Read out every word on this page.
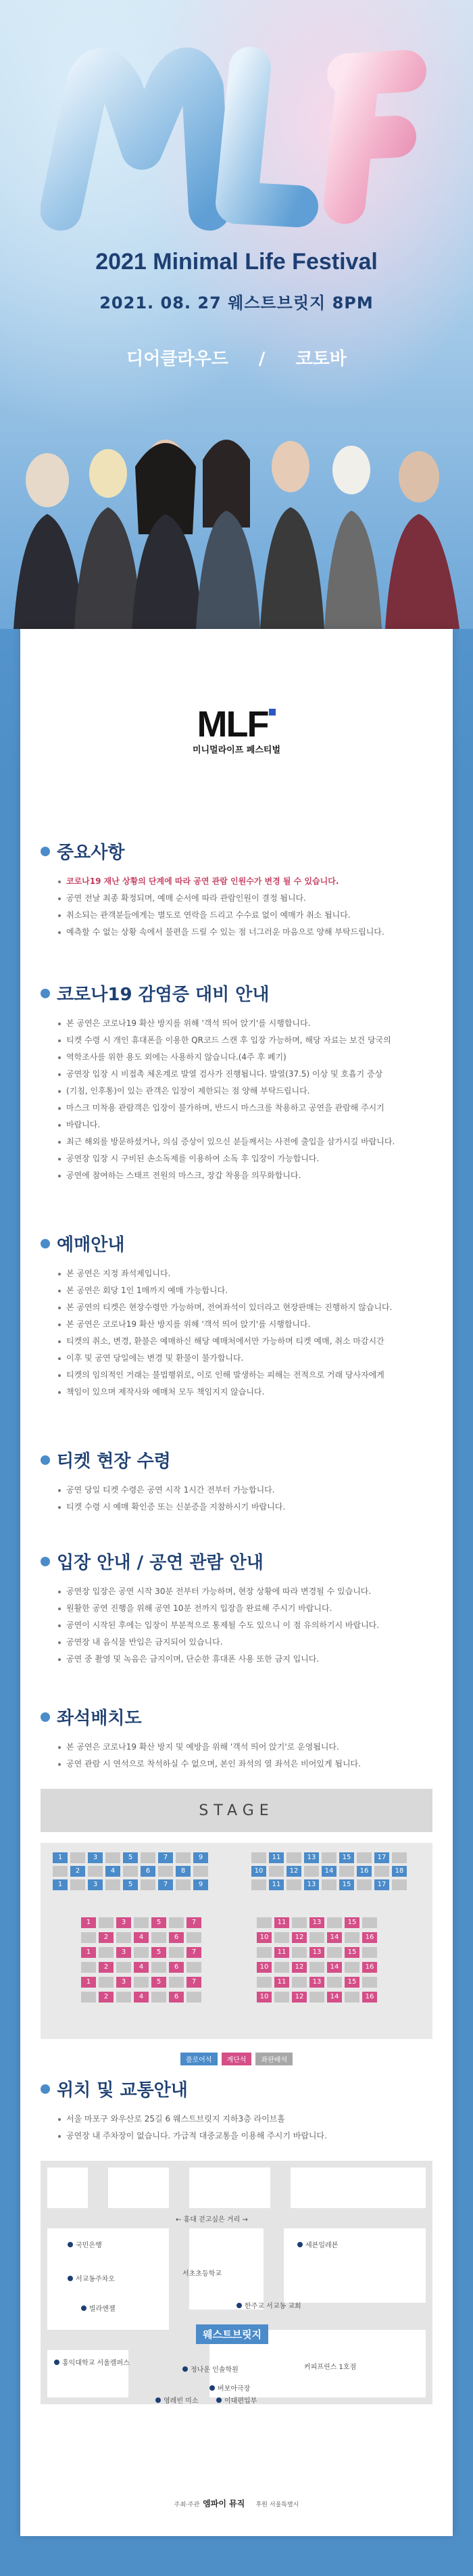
2021 Minimal Life Festival
2021. 08. 27 웨스트브릿지 8PM
디어클라우드 / 코토바
MLF
미니멀라이프 페스티벌
중요사항
코로나19 재난 상황의 단계에 따라 공연 관람 인원수가 변경 될 수 있습니다.
공연 전날 최종 확정되며, 예매 순서에 따라 관람인원이 결정 됩니다.
취소되는 관객분들에게는 별도로 연락을 드리고 수수료 없이 예매가 취소 됩니다.
예측할 수 없는 상황 속에서 불편을 드릴 수 있는 점 너그러운 마음으로 양해 부탁드립니다.
코로나19 감염증 대비 안내
본 공연은 코로나19 확산 방지를 위해 '객석 띄어 앉기'를 시행합니다.
티켓 수령 시 개인 휴대폰을 이용한 QR코드 스캔 후 입장 가능하며, 해당 자료는 보건 당국의
역학조사를 위한 용도 외에는 사용하지 않습니다.(4주 후 폐기)
공연장 입장 시 비접촉 체온계로 발열 검사가 진행됩니다. 발열(37.5) 이상 및 호흡기 증상
(기침, 인후통)이 있는 관객은 입장이 제한되는 점 양해 부탁드립니다.
마스크 미착용 관람객은 입장이 불가하며, 반드시 마스크를 착용하고 공연을 관람해 주시기
바랍니다.
최근 해외를 방문하셨거나, 의심 증상이 있으신 분들께서는 사전에 출입을 삼가시길 바랍니다.
공연장 입장 시 구비된 손소독제를 이용하여 소독 후 입장이 가능합니다.
공연에 참여하는 스태프 전원의 마스크, 장갑 착용을 의무화합니다.
예매안내
본 공연은 지정 좌석제입니다.
본 공연은 회당 1인 1매까지 예매 가능합니다.
본 공연의 티켓은 현장수령만 가능하며, 전여좌석이 있더라고 현장판매는 진행하지 않습니다.
본 공연은 코로나19 확산 방지를 위해 '객석 띄어 앉기'를 시행합니다.
티켓의 취소, 변경, 환불은 예매하신 해당 예매처에서만 가능하며 티켓 예매, 취소 마감시간
이후 및 공연 당일에는 변경 및 환불이 불가합니다.
티켓의 임의적인 거래는 불법행위로, 이로 인해 발생하는 피해는 전적으로 거래 당사자에게
책임이 있으며 제작사와 예매처 모두 책임지지 않습니다.
티켓 현장 수령
공연 당일 티켓 수령은 공연 시작 1시간 전부터 가능합니다.
티켓 수령 시 예매 확인증 또는 신분증을 지참하시기 바랍니다.
입장 안내 / 공연 관람 안내
공연장 입장은 공연 시작 30분 전부터 가능하며, 현장 상황에 따라 변경될 수 있습니다.
원활한 공연 진행을 위해 공연 10분 전까지 입장을 완료해 주시기 바랍니다.
공연이 시작된 후에는 입장이 부분적으로 통제될 수도 있으니 이 점 유의하기시 바랍니다.
공연장 내 음식물 반입은 금지되어 있습니다.
공연 중 촬영 및 녹음은 금지이며, 단순한 휴대폰 사용 또한 금지 입니다.
좌석배치도
본 공연은 코로나19 확산 방지 및 예방을 위해 '객석 띄어 앉기'로 운영됩니다.
공연 관람 시 연석으로 착석하실 수 없으며, 본인 좌석의 열 좌석은 비어있게 됩니다.
STAGE
1	3	5	7	9	11	13	15	17
2	4	6	8	10	12	14	16	18
1	3	5	7	9	11	13	15	17
1	3	5	7	11	13	15
2	4	6	10	12	14	16
1	3	5	7	11	13	15
2	4	6	10	12	14	16
1	3	5	7	11	13	15
2	4	6	10	12	14	16
플로어석	계단석	좌판배석
위치 및 교통안내
서울 마포구 와우산로 25길 6 웨스트브릿지 지하3층 라이브홀
공연장 내 주차장이 없습니다. 가급적 대중교통을 이용해 주시기 바랍니다.
← 홍대 걷고싶은 거리 →
국민은행	세븐일레븐
서교동주차오
서초초등학교
빌라엔젤	한주교 서교동 교회
웨스트브릿지
홍익대학교 서울캠퍼스
정나운 인솔학원
버보아극장
커피프린스 1호점
영레빈 미소	이대편입부
주최·주관 엠파이 뮤직 후원 서울특별시
